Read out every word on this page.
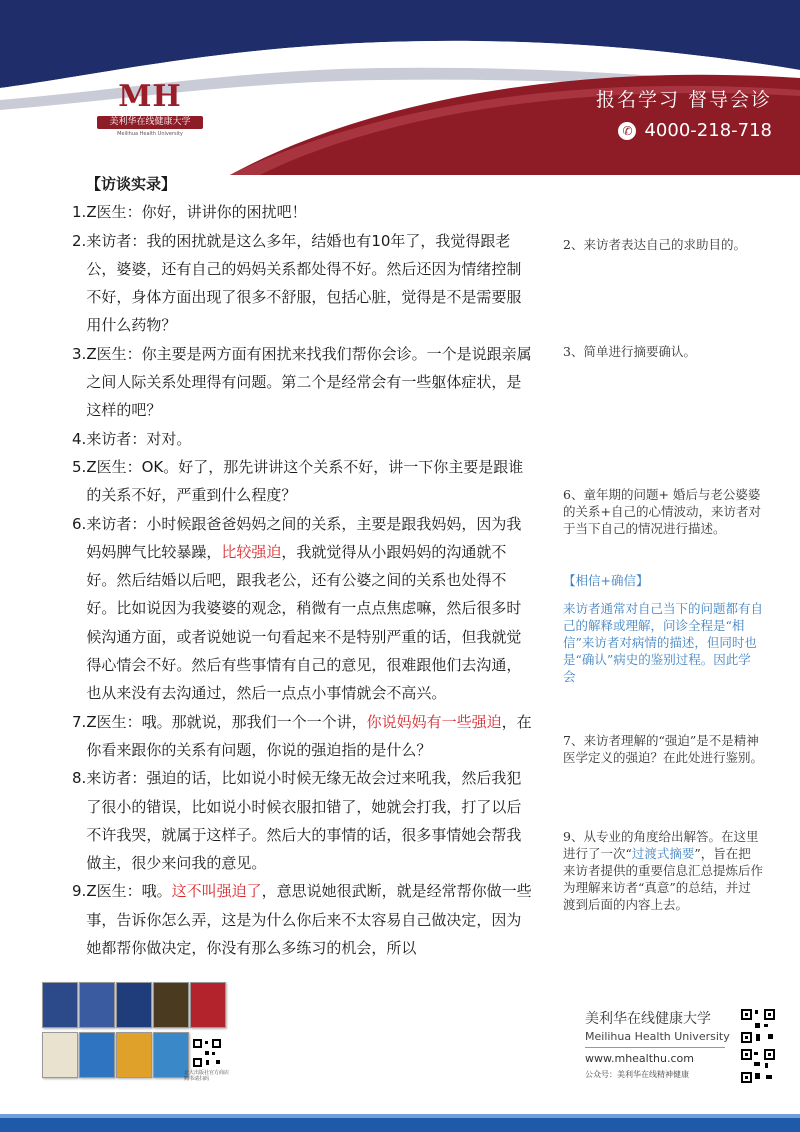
MH
美利华在线健康大学
Meilihua Health University
报名学习 督导会诊
✆ 4000-218-718
【访谈实录】
1. Z医生：你好，讲讲你的困扰吧！
2. 来访者：我的困扰就是这么多年，结婚也有10年了，我觉得跟老公，婆婆，还有自己的妈妈关系都处得不好。然后还因为情绪控制不好，身体方面出现了很多不舒服，包括心脏，觉得是不是需要服用什么药物？
3. Z医生：你主要是两方面有困扰来找我们帮你会诊。一个是说跟亲属之间人际关系处理得有问题。第二个是经常会有一些躯体症状，是这样的吧？
4. 来访者：对对。
5. Z医生：OK。好了，那先讲讲这个关系不好，讲一下你主要是跟谁的关系不好，严重到什么程度？
6. 来访者：小时候跟爸爸妈妈之间的关系，主要是跟我妈妈，因为我妈妈脾气比较暴躁，比较强迫，我就觉得从小跟妈妈的沟通就不好。然后结婚以后吧，跟我老公，还有公婆之间的关系也处得不好。比如说因为我婆婆的观念，稍微有一点点焦虑嘛，然后很多时候沟通方面，或者说她说一句看起来不是特别严重的话，但我就觉得心情会不好。然后有些事情有自己的意见，很难跟他们去沟通，也从来没有去沟通过，然后一点点小事情就会不高兴。
7. Z医生：哦。那就说，那我们一个一个讲，你说妈妈有一些强迫，在你看来跟你的关系有问题，你说的强迫指的是什么？
8. 来访者：强迫的话，比如说小时候无缘无故会过来吼我，然后我犯了很小的错误，比如说小时候衣服扣错了，她就会打我，打了以后不许我哭，就属于这样子。然后大的事情的话，很多事情她会帮我做主，很少来问我的意见。
9. Z医生：哦。这不叫强迫了，意思说她很武断，就是经常帮你做一些事，告诉你怎么弄，这是为什么你后来不太容易自己做决定，因为她都帮你做决定，你没有那么多练习的机会，所以
2、来访者表达自己的求助目的。
3、简单进行摘要确认。
6、童年期的问题+ 婚后与老公婆婆的关系+自己的心情波动，来访者对于当下自己的情况进行描述。
【相信+确信】
来访者通常对自己当下的问题都有自己的解释或理解，问诊全程是“相信”来访者对病情的描述，但同时也是“确认”病史的鉴别过程。因此学会
7、来访者理解的“强迫”是不是精神医学定义的强迫？在此处进行鉴别。
9、从专业的角度给出解答。在这里进行了一次“过渡式摘要”，旨在把来访者提供的重要信息汇总提炼后作为理解来访者“真意”的总结，并过渡到后面的内容上去。
北大出版社官方商店 购书请扫码
美利华在线健康大学
Meilihua Health University
www.mhealthu.com
公众号：美利华在线精神健康
